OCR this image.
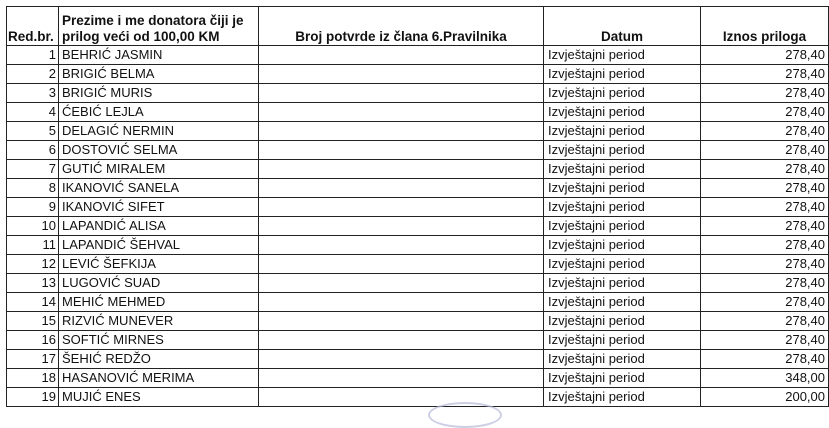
Red.br.	Prezime i me donatora čiji je
prilog veći od 100,00 KM	Broj potvrde iz člana 6.Pravilnika	Datum	Iznos priloga
1	BEHRIĆ JASMIN		Izvještajni period	278,40
2	BRIGIĆ BELMA		Izvještajni period	278,40
3	BRIGIĆ MURIS		Izvještajni period	278,40
4	ĆEBIĆ LEJLA		Izvještajni period	278,40
5	DELAGIĆ NERMIN		Izvještajni period	278,40
6	DOSTOVIĆ SELMA		Izvještajni period	278,40
7	GUTIĆ MIRALEM		Izvještajni period	278,40
8	IKANOVIĆ SANELA		Izvještajni period	278,40
9	IKANOVIĆ SIFET		Izvještajni period	278,40
10	LAPANDIĆ ALISA		Izvještajni period	278,40
11	LAPANDIĆ ŠEHVAL		Izvještajni period	278,40
12	LEVIĆ ŠEFKIJA		Izvještajni period	278,40
13	LUGOVIĆ SUAD		Izvještajni period	278,40
14	MEHIĆ MEHMED		Izvještajni period	278,40
15	RIZVIĆ MUNEVER		Izvještajni period	278,40
16	SOFTIĆ MIRNES		Izvještajni period	278,40
17	ŠEHIĆ REDŽO		Izvještajni period	278,40
18	HASANOVIĆ MERIMA		Izvještajni period	348,00
19	MUJIĆ ENES		Izvještajni period	200,00
